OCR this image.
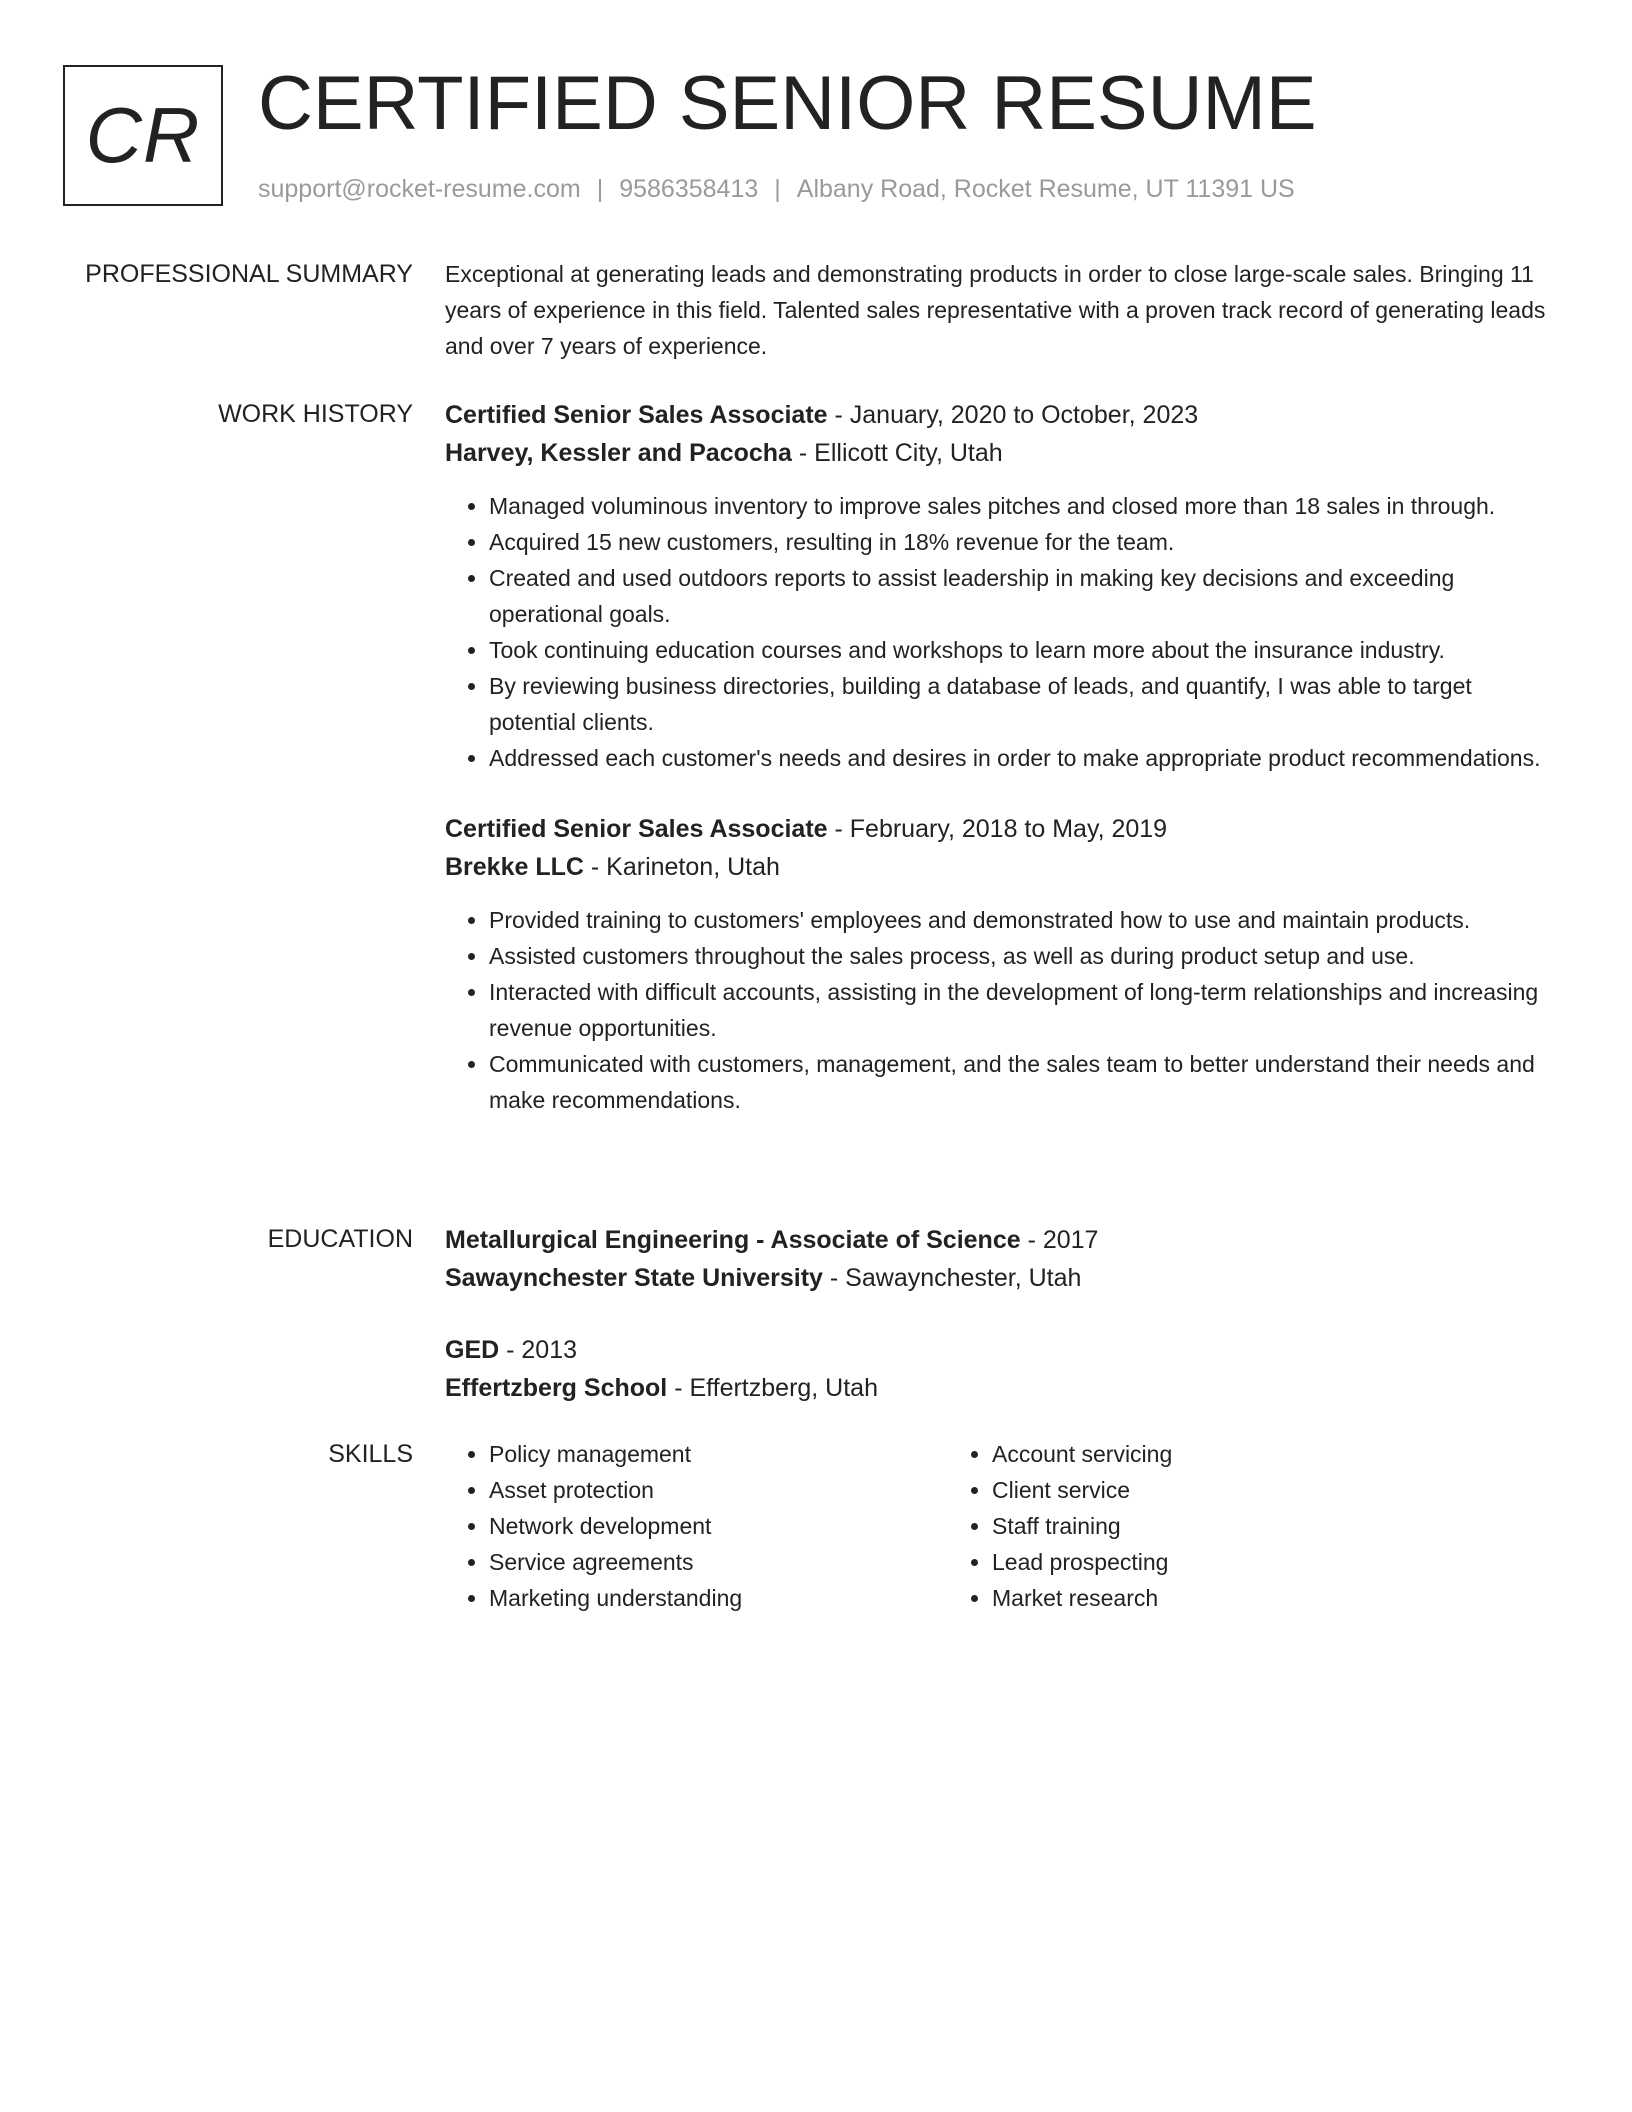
CR CERTIFIED SENIOR RESUME
support@rocket-resume.com | 9586358413 | Albany Road, Rocket Resume, UT 11391 US
PROFESSIONAL SUMMARY Exceptional at generating leads and demonstrating products in order to close large-scale sales. Bringing 11 years of experience in this field. Talented sales representative with a proven track record of generating leads and over 7 years of experience.

WORK HISTORY Certified Senior Sales Associate - January, 2020 to October, 2023
Harvey, Kessler and Pacocha - Ellicott City, Utah
• Managed voluminous inventory to improve sales pitches and closed more than 18 sales in through.
• Acquired 15 new customers, resulting in 18% revenue for the team.
• Created and used outdoors reports to assist leadership in making key decisions and exceeding operational goals.
• Took continuing education courses and workshops to learn more about the insurance industry.
• By reviewing business directories, building a database of leads, and quantify, I was able to target potential clients.
• Addressed each customer's needs and desires in order to make appropriate product recommendations.
Certified Senior Sales Associate - February, 2018 to May, 2019
Brekke LLC - Karineton, Utah
• Provided training to customers' employees and demonstrated how to use and maintain products.
• Assisted customers throughout the sales process, as well as during product setup and use.
• Interacted with difficult accounts, assisting in the development of long-term relationships and increasing revenue opportunities.
• Communicated with customers, management, and the sales team to better understand their needs and make recommendations.
EDUCATION Metallurgical Engineering - Associate of Science - 2017
Sawaynchester State University - Sawaynchester, Utah
GED - 2013
Effertzberg School - Effertzberg, Utah
SKILLS
•	Policy management
• Asset protection
• Network development
• Service agreements
• Marketing understanding
• Account servicing
• Client service
• Staff training
• Lead prospecting
• Market research
